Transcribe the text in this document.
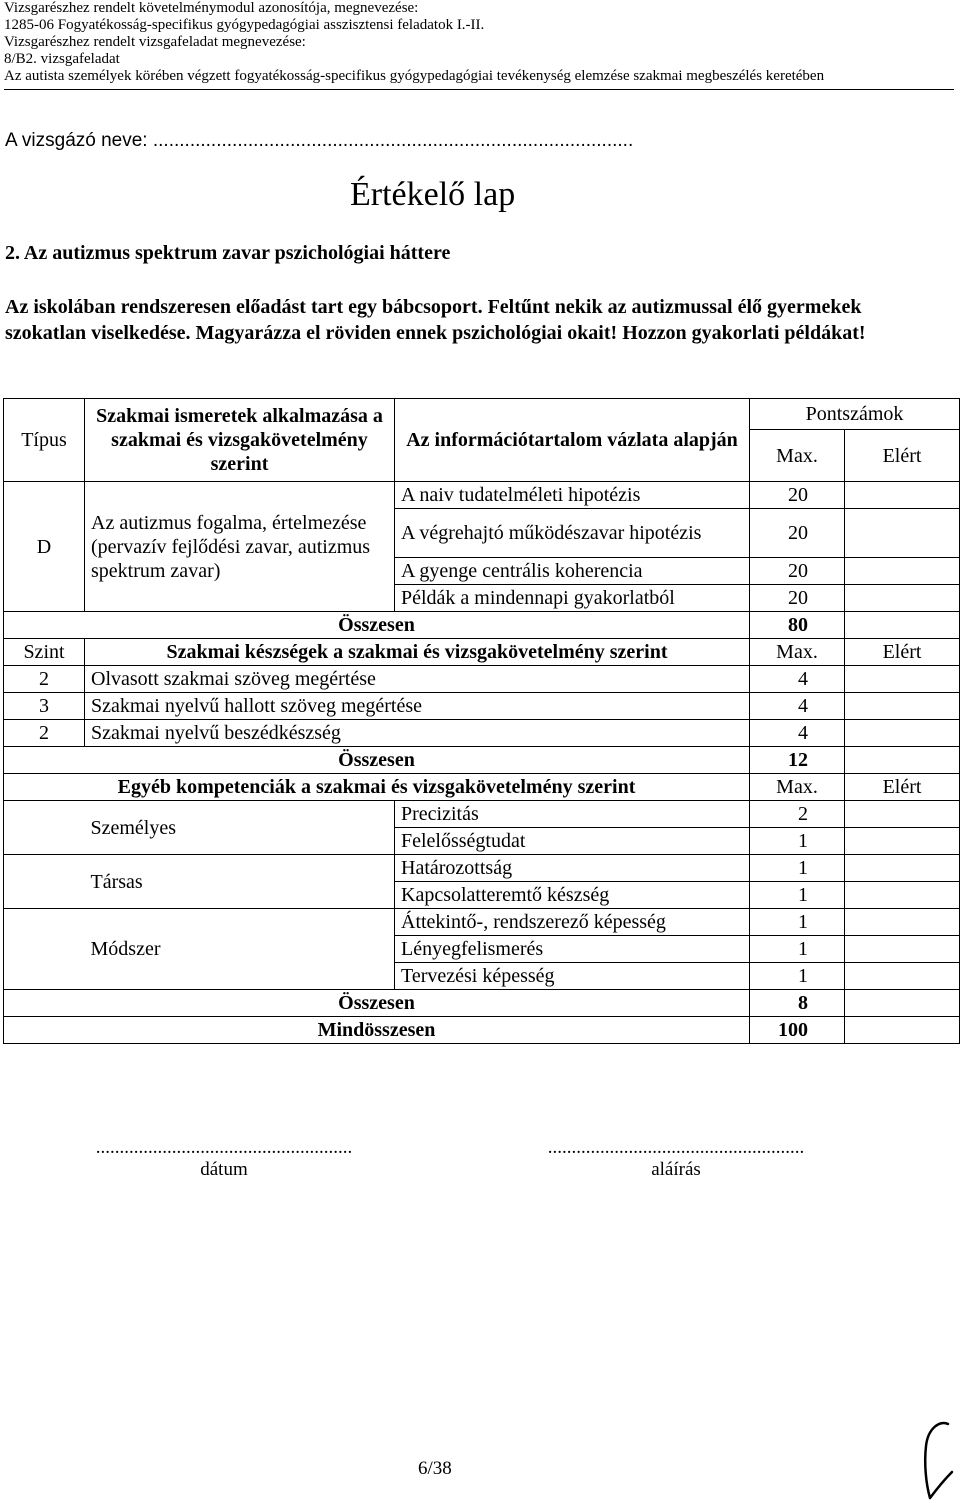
Vizsgarészhez rendelt követelménymodul azonosítója, megnevezése:
1285-06 Fogyatékosság-specifikus gyógypedagógiai asszisztensi feladatok I.-II.
Vizsgarészhez rendelt vizsgafeladat megnevezése:
8/B2. vizsgafeladat
Az autista személyek körében végzett fogyatékosság-specifikus gyógypedagógiai tevékenység elemzése szakmai megbeszélés keretében
A vizsgázó neve: ...........................................................................................
Értékelő lap
2. Az autizmus spektrum zavar pszichológiai háttere
Az iskolában rendszeresen előadást tart egy bábcsoport. Feltűnt nekik az autizmussal élő gyermekek szokatlan viselkedése. Magyarázza el röviden ennek pszichológiai okait! Hozzon gyakorlati példákat!
Típus	Szakmai ismeretek alkalmazása a szakmai és vizsgakövetelmény szerint	Az információtartalom vázlata alapján	Pontszámok	
			Max.	Elért
D	Az autizmus fogalma, értelmezése (pervazív fejlődési zavar, autizmus spektrum zavar)	A naiv tudatelméleti hipotézis	20	
		A végrehajtó működészavar hipotézis	20	
		A gyenge centrális koherencia	20	
		Példák a mindennapi gyakorlatból	20	
Összesen			80	
Szint	Szakmai készségek a szakmai és vizsgakövetelmény szerint		Max.	Elért
2	Olvasott szakmai szöveg megértése		4	
3	Szakmai nyelvű hallott szöveg megértése		4	
2	Szakmai nyelvű beszédkészség		4	
Összesen			12	
Egyéb kompetenciák a szakmai és vizsgakövetelmény szerint			Max.	Elért
	Személyes	Precizitás	2	
		Felelősségtudat	1	
	Társas	Határozottság	1	
		Kapcsolatteremtő készség	1	
	Módszer	Áttekintő-, rendszerező képesség	1	
		Lényegfelismerés	1	
		Tervezési képesség	1	
Összesen			8	
Mindösszesen			100	
......................................................
dátum
......................................................
aláírás
6/38
